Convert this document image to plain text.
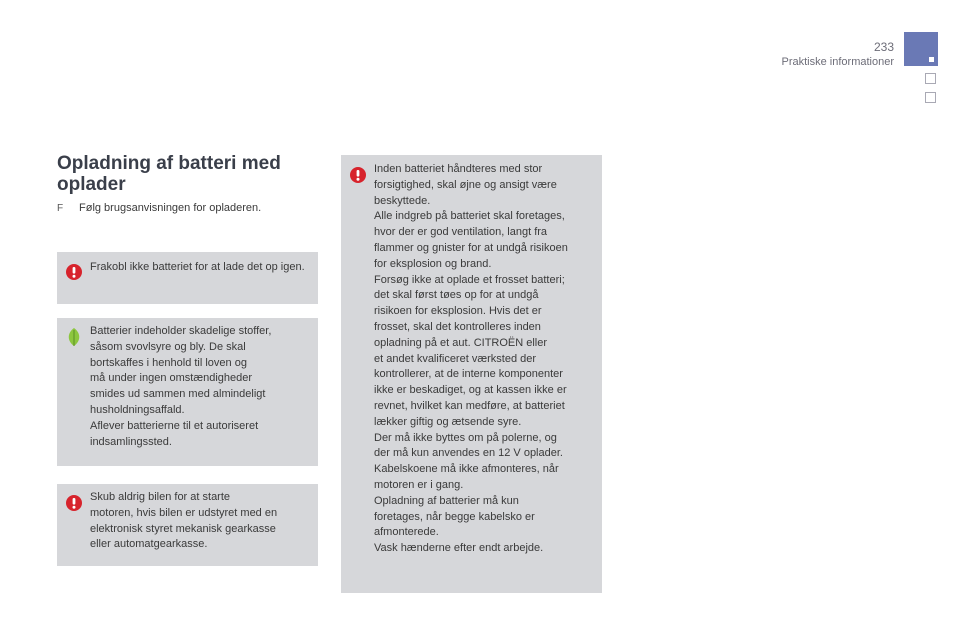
233
Praktiske informationer
Opladning af batteri med oplader
F Følg brugsanvisningen for opladeren.
Frakobl ikke batteriet for at lade det op igen.
Batterier indeholder skadelige stoffer,
såsom svovlsyre og bly. De skal
bortskaffes i henhold til loven og
må under ingen omstændigheder
smides ud sammen med almindeligt
husholdningsaffald.
Aflever batterierne til et autoriseret
indsamlingssted.
Skub aldrig bilen for at starte
motoren, hvis bilen er udstyret med en
elektronisk styret mekanisk gearkasse
eller automatgearkasse.
Inden batteriet håndteres med stor
forsigtighed, skal øjne og ansigt være
beskyttede.
Alle indgreb på batteriet skal foretages,
hvor der er god ventilation, langt fra
flammer og gnister for at undgå risikoen
for eksplosion og brand.
Forsøg ikke at oplade et frosset batteri;
det skal først tøes op for at undgå
risikoen for eksplosion. Hvis det er
frosset, skal det kontrolleres inden
opladning på et aut. CITROËN eller
et andet kvalificeret værksted der
kontrollerer, at de interne komponenter
ikke er beskadiget, og at kassen ikke er
revnet, hvilket kan medføre, at batteriet
lækker giftig og ætsende syre.
Der må ikke byttes om på polerne, og
der må kun anvendes en 12 V oplader.
Kabelskoene må ikke afmonteres, når
motoren er i gang.
Opladning af batterier må kun
foretages, når begge kabelsko er
afmonterede.
Vask hænderne efter endt arbejde.
